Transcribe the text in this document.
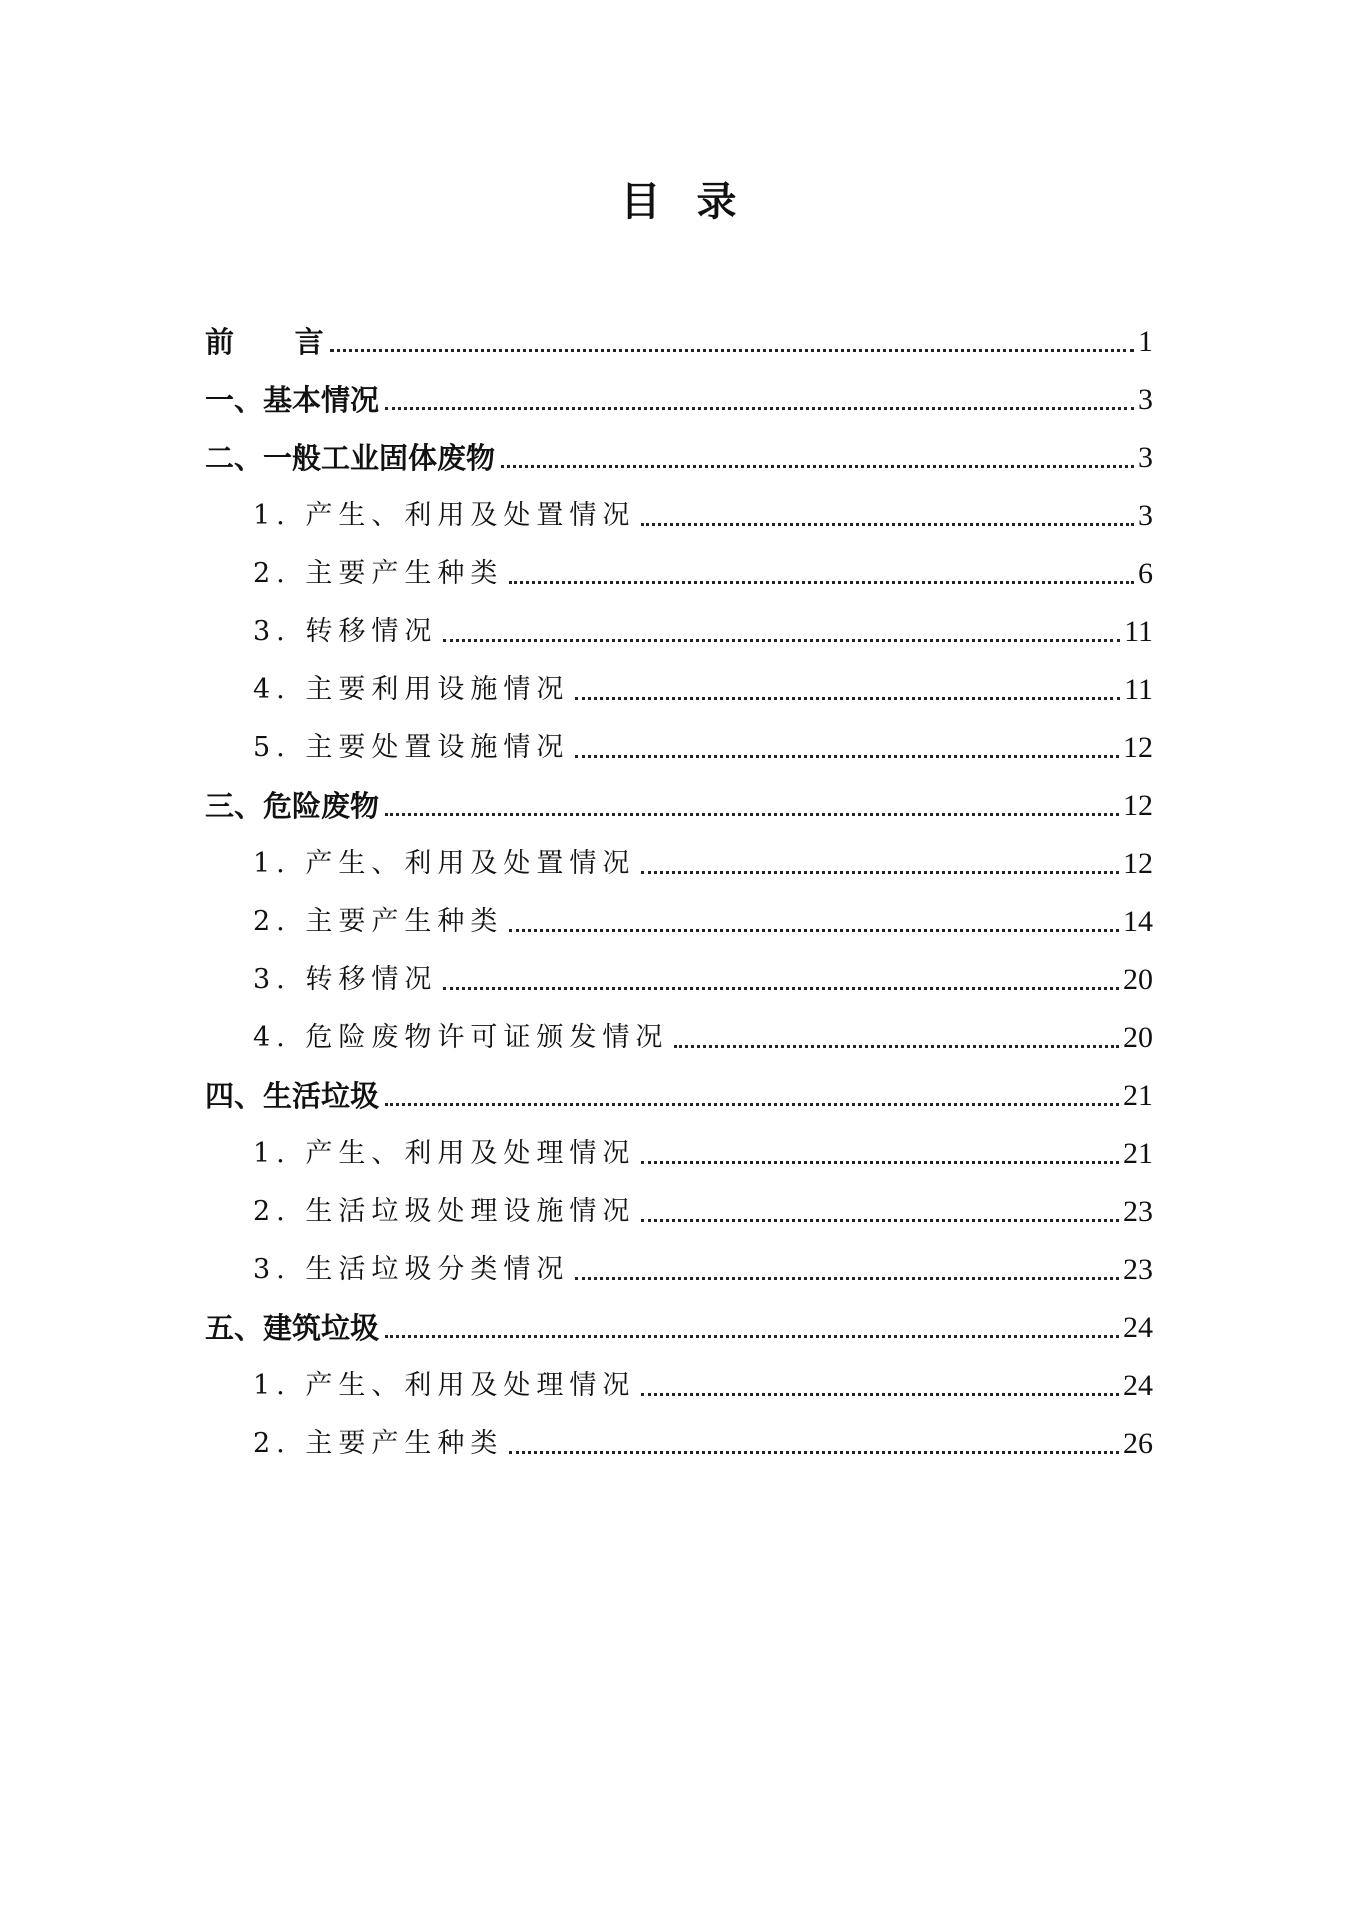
目录
前      言	1
一、基本情况	3
二、一般工业固体废物	3
1. 产生、利用及处置情况	3
2. 主要产生种类	6
3. 转移情况	11
4. 主要利用设施情况	11
5. 主要处置设施情况	12
三、危险废物	12
1. 产生、利用及处置情况	12
2. 主要产生种类	14
3. 转移情况	20
4. 危险废物许可证颁发情况	20
四、生活垃圾	21
1. 产生、利用及处理情况	21
2. 生活垃圾处理设施情况	23
3. 生活垃圾分类情况	23
五、建筑垃圾	24
1. 产生、利用及处理情况	24
2. 主要产生种类	26
